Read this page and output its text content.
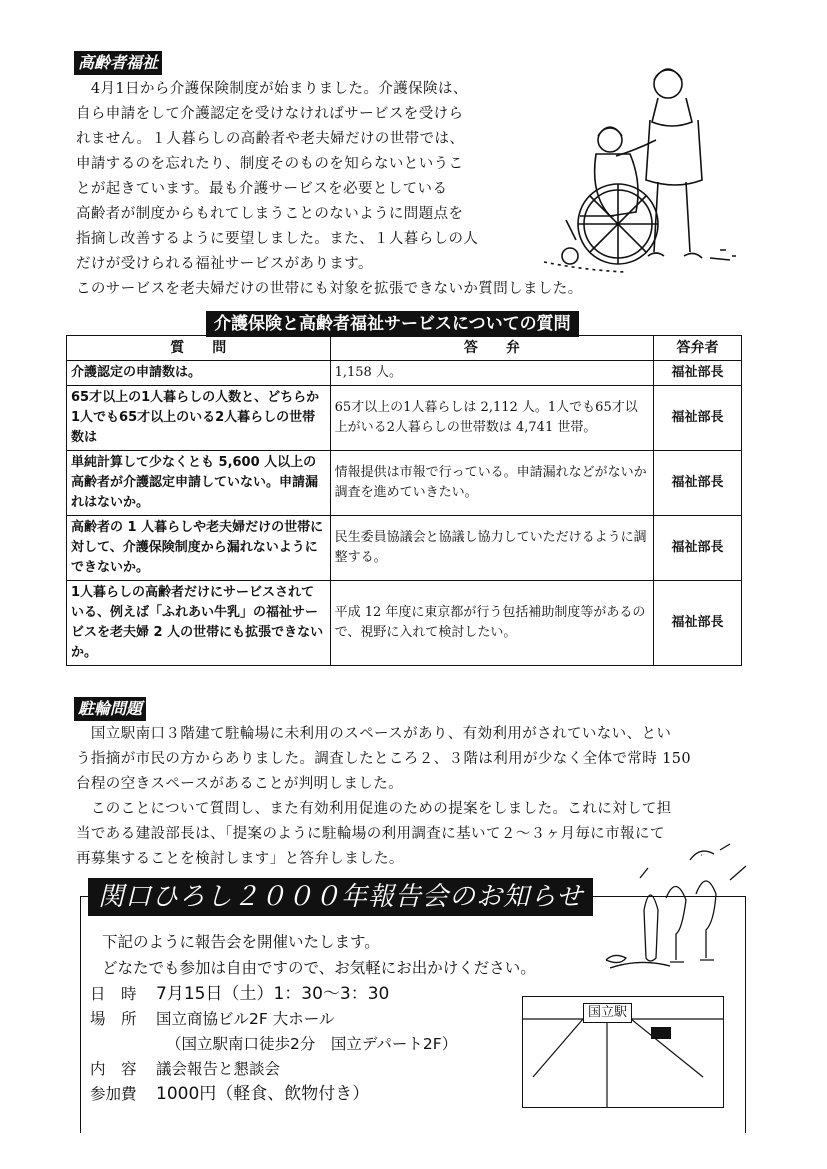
高齢者福祉
　4月1日から介護保険制度が始まりました。介護保険は、
自ら申請をして介護認定を受けなければサービスを受けら
れません。１人暮らしの高齢者や老夫婦だけの世帯では、
申請するのを忘れたり、制度そのものを知らないというこ
とが起きています。最も介護サービスを必要としている
高齢者が制度からもれてしまうことのないように問題点を
指摘し改善するように要望しました。また、１人暮らしの人
だけが受けられる福祉サービスがあります。
このサービスを老夫婦だけの世帯にも対象を拡張できないか質問しました。
介護保険と高齢者福祉サービスについての質問
質　　問	答　　弁	答弁者
介護認定の申請数は。	1,158 人。	福祉部長
65才以上の1人暮らしの人数と、どちらか1人でも65才以上のいる2人暮らしの世帯数は	65才以上の1人暮らしは 2,112 人。1人でも65才以上がいる2人暮らしの世帯数は 4,741 世帯。	福祉部長
単純計算して少なくとも 5,600 人以上の高齢者が介護認定申請していない。申請漏れはないか。	情報提供は市報で行っている。申請漏れなどがないか調査を進めていきたい。	福祉部長
高齢者の 1 人暮らしや老夫婦だけの世帯に対して、介護保険制度から漏れないようにできないか。	民生委員協議会と協議し協力していただけるように調整する。	福祉部長
1人暮らしの高齢者だけにサービスされている、例えば「ふれあい牛乳」の福祉サービスを老夫婦 2 人の世帯にも拡張できないか。	平成 12 年度に東京都が行う包括補助制度等があるので、視野に入れて検討したい。	福祉部長
駐輪問題
　国立駅南口３階建て駐輪場に未利用のスペースがあり、有効利用がされていない、とい
う指摘が市民の方からありました。調査したところ２、３階は利用が少なく全体で常時 150
台程の空きスペースがあることが判明しました。
　このことについて質問し、また有効利用促進のための提案をしました。これに対して担
当である建設部長は、「提案のように駐輪場の利用調査に基いて２～３ヶ月毎に市報にて
再募集することを検討します」と答弁しました。
関口ひろし２０００年報告会のお知らせ
·
下記のように報告会を開催いたします。
どなたでも参加は自由ですので、お気軽にお出かけください。
日　時 7月15日（土）1：30～3：30
場　所 国立商協ビル2F 大ホール
（国立駅南口徒歩2分　国立デパート2F）
内　容 議会報告と懇談会
参加費 1000円（軽食、飲物付き）
国立駅
